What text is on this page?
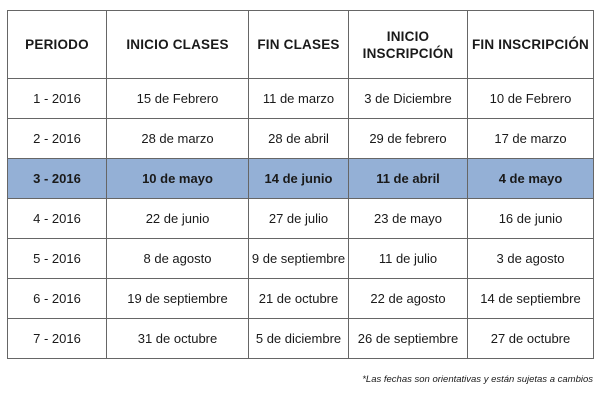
PERIODO	INICIO CLASES	FIN CLASES	INICIO INSCRIPCIÓN	FIN INSCRIPCIÓN
1 - 2016	15 de Febrero	11 de marzo	3 de Diciembre	10 de Febrero
2 - 2016	28 de marzo	28 de abril	29 de febrero	17 de marzo
3 - 2016	10 de mayo	14 de junio	11 de abril	4 de mayo
4 - 2016	22 de junio	27 de julio	23 de mayo	16 de junio
5 - 2016	8 de agosto	9 de septiembre	11 de julio	3 de agosto
6 - 2016	19 de septiembre	21 de octubre	22 de agosto	14 de septiembre
7 - 2016	31 de octubre	5 de diciembre	26 de septiembre	27 de octubre
*Las fechas son orientativas y están sujetas a cambios
